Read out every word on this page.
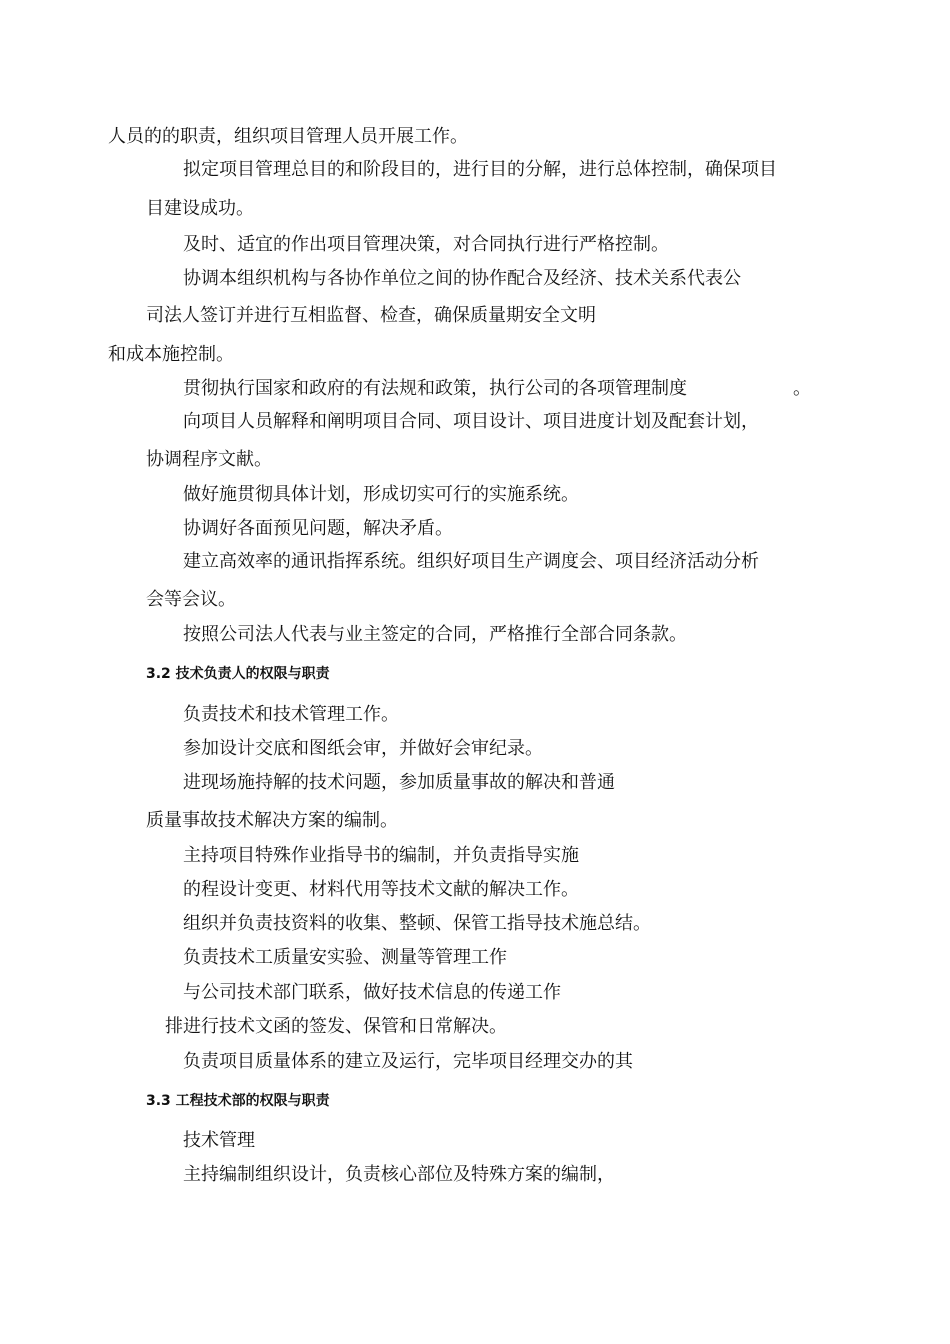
人员的的职责，组织项目管理人员开展工作。

拟定项目管理总目的和阶段目的，进行目的分解，进行总体控制，确保项目

目建设成功。

及时、适宜的作出项目管理决策，对合同执行进行严格控制。

协调本组织机构与各协作单位之间的协作配合及经济、技术关系代表公

司法人签订并进行互相监督、检查，确保质量期安全文明

和成本施控制。

贯彻执行国家和政府的有法规和政策，执行公司的各项管理制度	。

向项目人员解释和阐明项目合同、项目设计、项目进度计划及配套计划，

协调程序文献。

做好施贯彻具体计划，形成切实可行的实施系统。

协调好各面预见问题，解决矛盾。

建立高效率的通讯指挥系统。组织好项目生产调度会、项目经济活动分析

会等会议。

按照公司法人代表与业主签定的合同，严格推行全部合同条款。

3.2 技术负责人的权限与职责

负责技术和技术管理工作。

参加设计交底和图纸会审，并做好会审纪录。

进现场施持解的技术问题，参加质量事故的解决和普通

质量事故技术解决方案的编制。

主持项目特殊作业指导书的编制，并负责指导实施

的程设计变更、材料代用等技术文献的解决工作。

组织并负责技资料的收集、整顿、保管工指导技术施总结。

负责技术工质量安实验、测量等管理工作

与公司技术部门联系，做好技术信息的传递工作

排进行技术文函的签发、保管和日常解决。

负责项目质量体系的建立及运行，完毕项目经理交办的其

3.3 工程技术部的权限与职责

技术管理

主持编制组织设计，负责核心部位及特殊方案的编制，
